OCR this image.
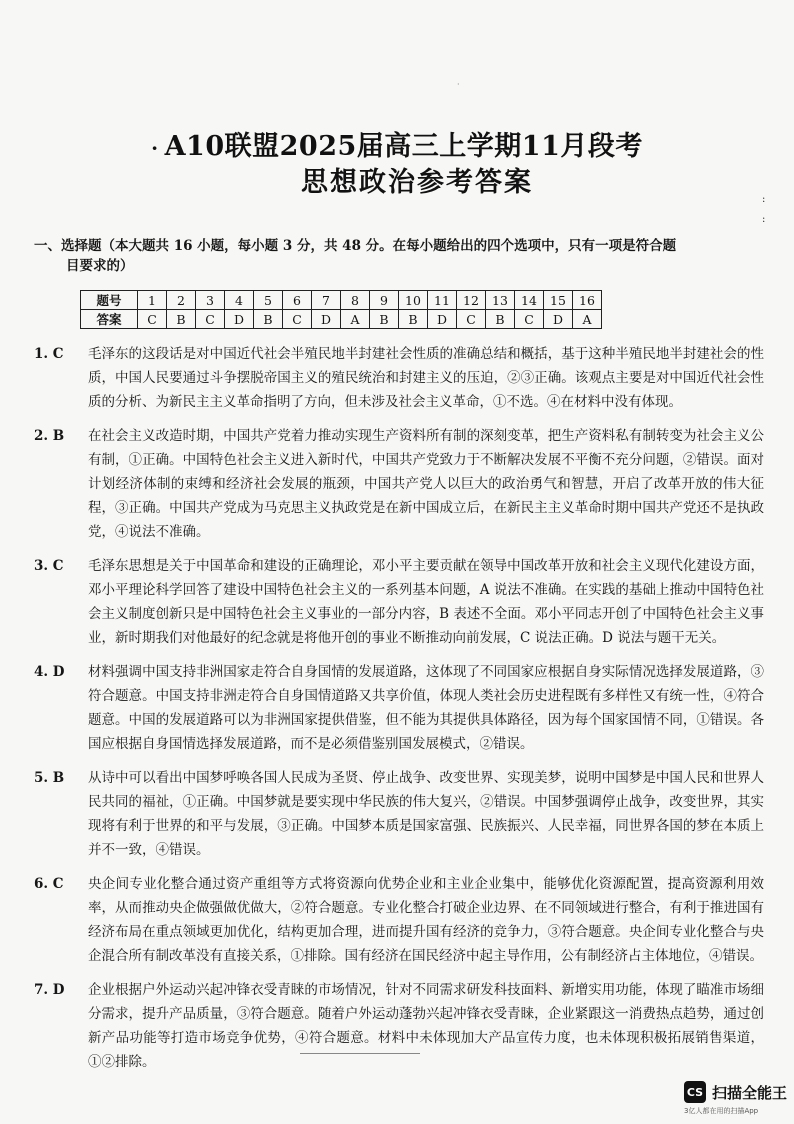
·
· A10联盟2025届高三上学期11月段考
思想政治参考答案
:
:
一、选择题（本大题共 16 小题，每小题 3 分，共 48 分。在每小题给出的四个选项中，只有一项是符合题
目要求的）
题号	1	2	3	4	5	6	7	8	9	10	11	12	13	14	15	16
答案	C	B	C	D	B	C	D	A	B	B	D	C	B	C	D	A
1. C	毛泽东的这段话是对中国近代社会半殖民地半封建社会性质的准确总结和概括，基于这种半殖民地半封建社会的性质，中国人民要通过斗争摆脱帝国主义的殖民统治和封建主义的压迫，②③正确。该观点主要是对中国近代社会性质的分析、为新民主主义革命指明了方向，但未涉及社会主义革命，①不选。④在材料中没有体现。
2. B	在社会主义改造时期，中国共产党着力推动实现生产资料所有制的深刻变革，把生产资料私有制转变为社会主义公有制，①正确。中国特色社会主义进入新时代，中国共产党致力于不断解决发展不平衡不充分问题，②错误。面对计划经济体制的束缚和经济社会发展的瓶颈，中国共产党人以巨大的政治勇气和智慧，开启了改革开放的伟大征程，③正确。中国共产党成为马克思主义执政党是在新中国成立后，在新民主主义革命时期中国共产党还不是执政党，④说法不准确。
3. C	毛泽东思想是关于中国革命和建设的正确理论，邓小平主要贡献在领导中国改革开放和社会主义现代化建设方面，邓小平理论科学回答了建设中国特色社会主义的一系列基本问题，A 说法不准确。在实践的基础上推动中国特色社会主义制度创新只是中国特色社会主义事业的一部分内容，B 表述不全面。邓小平同志开创了中国特色社会主义事业，新时期我们对他最好的纪念就是将他开创的事业不断推动向前发展，C 说法正确。D 说法与题干无关。
4. D	材料强调中国支持非洲国家走符合自身国情的发展道路，这体现了不同国家应根据自身实际情况选择发展道路，③符合题意。中国支持非洲走符合自身国情道路又共享价值，体现人类社会历史进程既有多样性又有统一性，④符合题意。中国的发展道路可以为非洲国家提供借鉴，但不能为其提供具体路径，因为每个国家国情不同，①错误。各国应根据自身国情选择发展道路，而不是必须借鉴别国发展模式，②错误。
5. B	从诗中可以看出中国梦呼唤各国人民成为圣贤、停止战争、改变世界、实现美梦，说明中国梦是中国人民和世界人民共同的福祉，①正确。中国梦就是要实现中华民族的伟大复兴，②错误。中国梦强调停止战争，改变世界，其实现将有利于世界的和平与发展，③正确。中国梦本质是国家富强、民族振兴、人民幸福，同世界各国的梦在本质上并不一致，④错误。
6. C	央企间专业化整合通过资产重组等方式将资源向优势企业和主业企业集中，能够优化资源配置，提高资源利用效率，从而推动央企做强做优做大，②符合题意。专业化整合打破企业边界、在不同领域进行整合，有利于推进国有经济布局在重点领域更加优化，结构更加合理，进而提升国有经济的竞争力，③符合题意。央企间专业化整合与央企混合所有制改革没有直接关系，①排除。国有经济在国民经济中起主导作用，公有制经济占主体地位，④错误。
7. D	企业根据户外运动兴起冲锋衣受青睐的市场情况，针对不同需求研发科技面料、新增实用功能，体现了瞄准市场细分需求，提升产品质量，③符合题意。随着户外运动蓬勃兴起冲锋衣受青睐，企业紧跟这一消费热点趋势，通过创新产品功能等打造市场竞争优势，④符合题意。材料中未体现加大产品宣传力度，也未体现积极拓展销售渠道，①②排除。
CS 扫描全能王
3亿人都在用的扫描App
